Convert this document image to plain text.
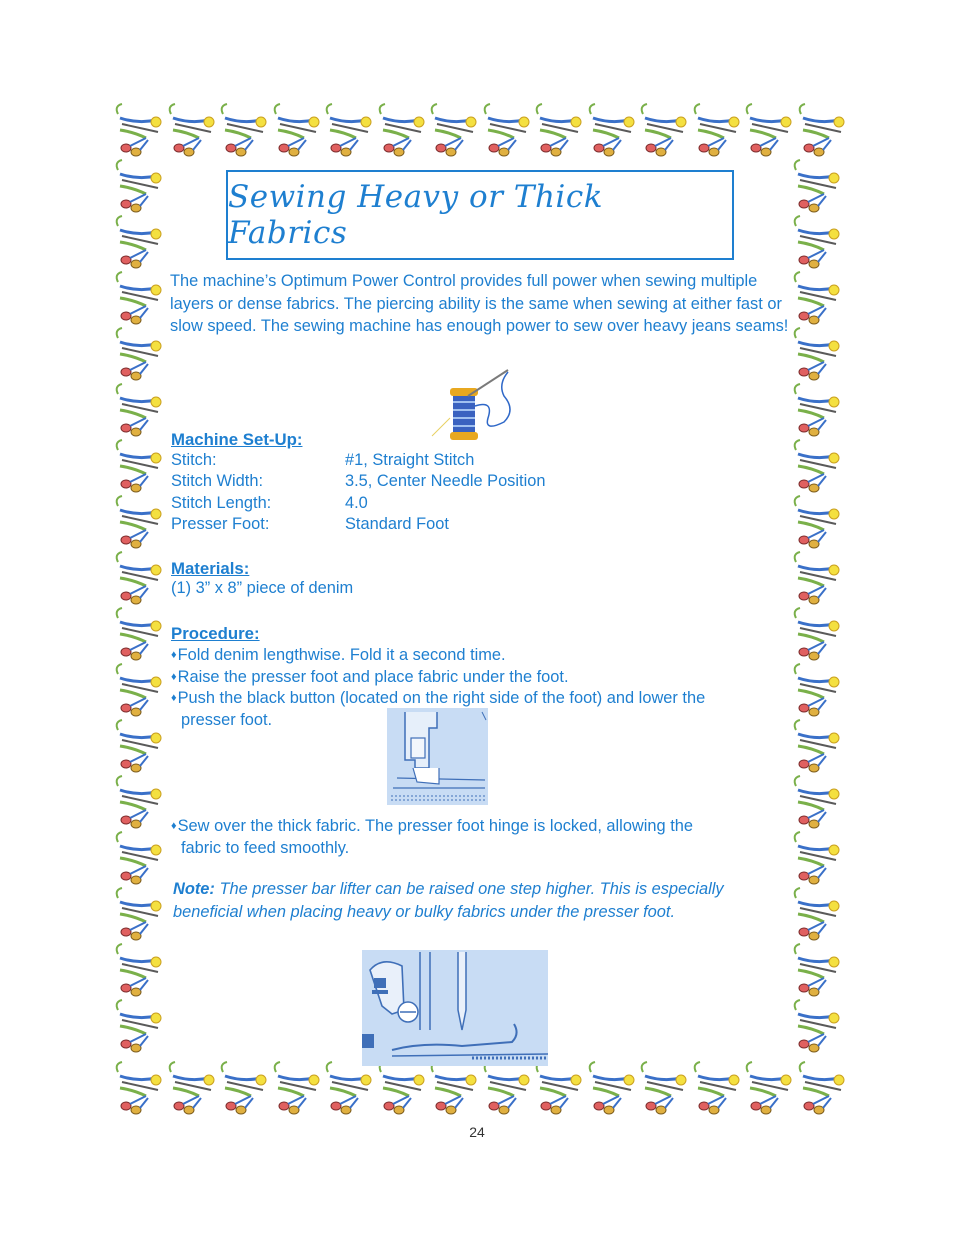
Sewing Heavy or Thick Fabrics
The machine’s Optimum Power Control provides full power when sewing multiple layers or dense fabrics. The piercing ability is the same when sewing at either fast or slow speed. The sewing machine has enough power to sew over heavy jeans seams!
Machine Set-Up:
Stitch:	#1, Straight Stitch
Stitch Width:	3.5, Center Needle Position
Stitch Length:	4.0
Presser Foot:	Standard Foot
Materials:
(1) 3” x 8” piece of denim
Procedure:
♦Fold denim lengthwise. Fold it a second time.
♦Raise the presser foot and place fabric under the foot.
♦Push the black button (located on the right side of the foot) and lower the
presser foot.
♦Sew over the thick fabric. The presser foot hinge is locked, allowing the
fabric to feed smoothly.
Note: The presser bar lifter can be raised one step higher. This is especially beneficial when placing heavy or bulky fabrics under the presser foot.
24
